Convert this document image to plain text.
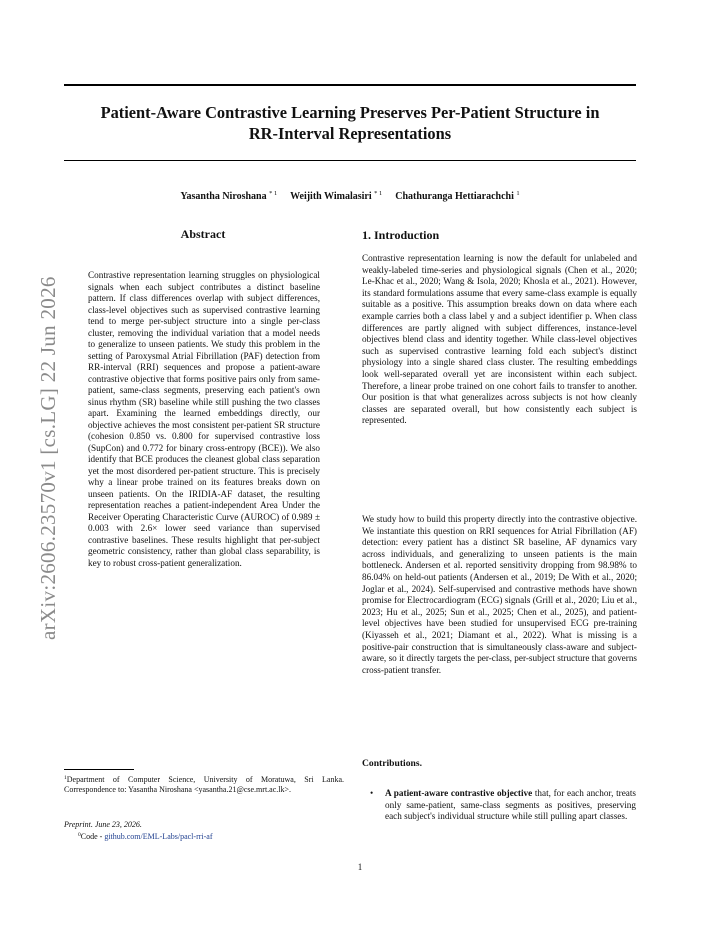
Patient-Aware Contrastive Learning Preserves Per-Patient Structure in
RR-Interval Representations
Yasantha Niroshana $^{* 1}$ Weijith Wimalasiri $^{* 1}$ Chathuranga Hettiarachchi $^1$
arXiv:2606.23570v1 [cs.LG] 22 Jun 2026
Abstract
Contrastive representation learning struggles on physiological signals when each subject contributes a distinct baseline pattern. If class differences overlap with subject differences, class-level objectives such as supervised contrastive learning tend to merge per-subject structure into a single per-class cluster, removing the individual variation that a model needs to generalize to unseen patients. We study this problem in the setting of Paroxysmal Atrial Fibrillation (PAF) detection from RR-interval (RRI) sequences and propose a patient-aware contrastive objective that forms positive pairs only from same-patient, same-class segments, preserving each patient's own sinus rhythm (SR) baseline while still pushing the two classes apart. Examining the learned embeddings directly, our objective achieves the most consistent per-patient SR structure (cohesion 0.850 vs. 0.800 for supervised contrastive loss (SupCon) and 0.772 for binary cross-entropy (BCE)). We also identify that BCE produces the cleanest global class separation yet the most disordered per-patient structure. This is precisely why a linear probe trained on its features breaks down on unseen patients. On the IRIDIA-AF dataset, the resulting representation reaches a patient-independent Area Under the Receiver Operating Characteristic Curve (AUROC) of 0.989 ± 0.003 with 2.6× lower seed variance than supervised contrastive baselines. These results highlight that per-subject geometric consistency, rather than global class separability, is key to robust cross-patient generalization.
$^1$Department of Computer Science, University of Moratuwa, Sri Lanka. Correspondence to: Yasantha Niroshana <yasantha.21@cse.mrt.ac.lk>.
Preprint. June 23, 2026.
$^0$Code - github.com/EML-Labs/pacl-rri-af
1. Introduction
Contrastive representation learning is now the default for unlabeled and weakly-labeled time-series and physiological signals (Chen et al., 2020; Le-Khac et al., 2020; Wang & Isola, 2020; Khosla et al., 2021). However, its standard formulations assume that every same-class example is equally suitable as a positive. This assumption breaks down on data where each example carries both a class label y and a subject identifier p. When class differences are partly aligned with subject differences, instance-level objectives blend class and identity together. While class-level objectives such as supervised contrastive learning fold each subject's distinct physiology into a single shared class cluster. The resulting embeddings look well-separated overall yet are inconsistent within each subject. Therefore, a linear probe trained on one cohort fails to transfer to another. Our position is that what generalizes across subjects is not how cleanly classes are separated overall, but how consistently each subject is represented.
We study how to build this property directly into the contrastive objective. We instantiate this question on RRI sequences for Atrial Fibrillation (AF) detection: every patient has a distinct SR baseline, AF dynamics vary across individuals, and generalizing to unseen patients is the main bottleneck. Andersen et al. reported sensitivity dropping from 98.98% to 86.04% on held-out patients (Andersen et al., 2019; De With et al., 2020; Joglar et al., 2024). Self-supervised and contrastive methods have shown promise for Electrocardiogram (ECG) signals (Grill et al., 2020; Liu et al., 2023; Hu et al., 2025; Sun et al., 2025; Chen et al., 2025), and patient-level objectives have been studied for unsupervised ECG pre-training (Kiyasseh et al., 2021; Diamant et al., 2022). What is missing is a positive-pair construction that is simultaneously class-aware and subject-aware, so it directly targets the per-class, per-subject structure that governs cross-patient transfer.
Contributions.
• A patient-aware contrastive objective that, for each anchor, treats only same-patient, same-class segments as positives, preserving each subject's individual structure while still pulling apart classes.
1
